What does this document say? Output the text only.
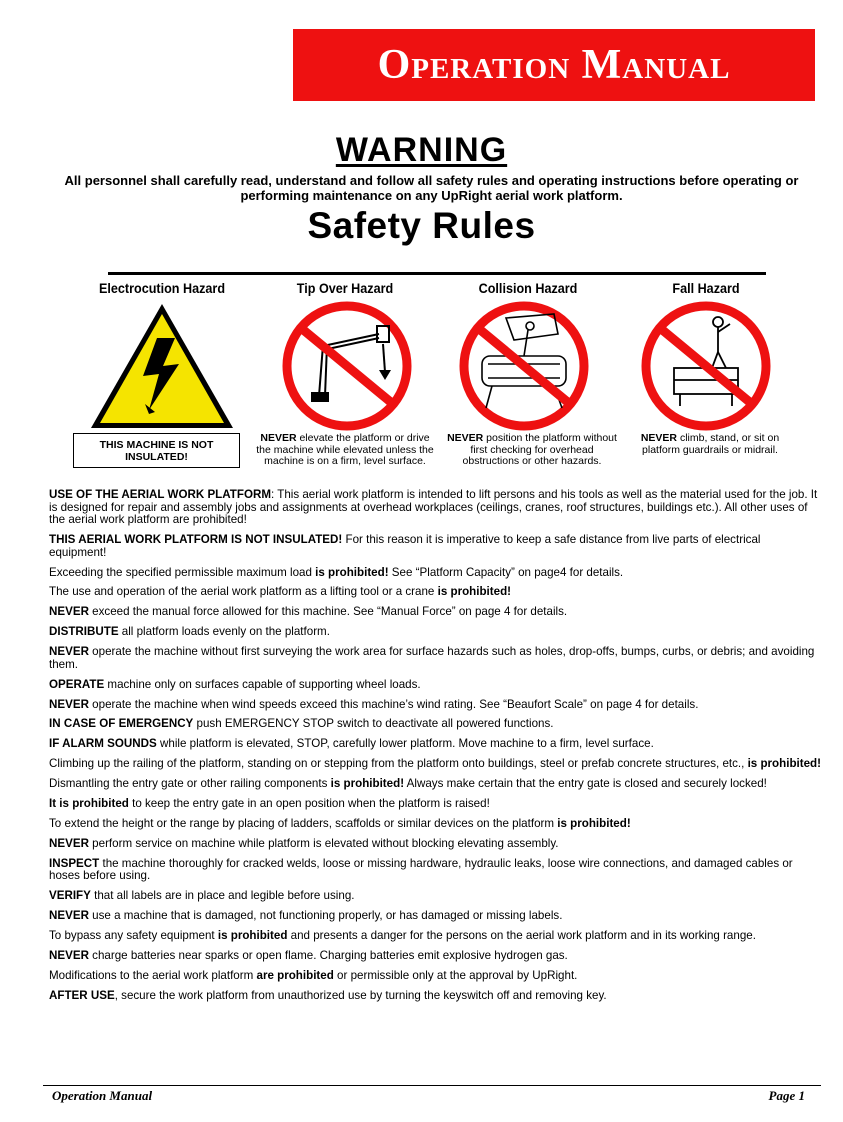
Operation Manual
WARNING
All personnel shall carefully read, understand and follow all safety rules and operating instructions before operating or performing maintenance on any UpRight aerial work platform.
Safety Rules
Electrocution Hazard	Tip Over Hazard	Collision Hazard	Fall Hazard
THIS MACHINE IS NOT INSULATED!
NEVER elevate the platform or drive the machine while elevated unless the machine is on a firm, level surface.
NEVER position the platform without first checking for overhead obstructions or other hazards.
NEVER climb, stand, or sit on platform guardrails or midrail.

USE OF THE AERIAL WORK PLATFORM: This aerial work platform is intended to lift persons and his tools as well as the material used for the job. It is designed for repair and assembly jobs and assignments at overhead workplaces (ceilings, cranes, roof structures, buildings etc.). All other uses of the aerial work platform are prohibited!

THIS AERIAL WORK PLATFORM IS NOT INSULATED! For this reason it is imperative to keep a safe distance from live parts of electrical equipment!

Exceeding the specified permissible maximum load is prohibited! See “Platform Capacity” on page4 for details.

The use and operation of the aerial work platform as a lifting tool or a crane is prohibited!

NEVER exceed the manual force allowed for this machine. See “Manual Force” on page 4 for details.

DISTRIBUTE all platform loads evenly on the platform.

NEVER operate the machine without first surveying the work area for surface hazards such as holes, drop-offs, bumps, curbs, or debris; and avoiding them.

OPERATE machine only on surfaces capable of supporting wheel loads.

NEVER operate the machine when wind speeds exceed this machine’s wind rating. See “Beaufort Scale” on page 4 for details.

IN CASE OF EMERGENCY push EMERGENCY STOP switch to deactivate all powered functions.

IF ALARM SOUNDS while platform is elevated, STOP, carefully lower platform. Move machine to a firm, level surface.

Climbing up the railing of the platform, standing on or stepping from the platform onto buildings, steel or prefab concrete structures, etc., is prohibited!

Dismantling the entry gate or other railing components is prohibited! Always make certain that the entry gate is closed and securely locked!

It is prohibited to keep the entry gate in an open position when the platform is raised!

To extend the height or the range by placing of ladders, scaffolds or similar devices on the platform is prohibited!

NEVER perform service on machine while platform is elevated without blocking elevating assembly.

INSPECT the machine thoroughly for cracked welds, loose or missing hardware, hydraulic leaks, loose wire connections, and damaged cables or hoses before using.

VERIFY that all labels are in place and legible before using.

NEVER use a machine that is damaged, not functioning properly, or has damaged or missing labels.

To bypass any safety equipment is prohibited and presents a danger for the persons on the aerial work platform and in its working range.

NEVER charge batteries near sparks or open flame. Charging batteries emit explosive hydrogen gas.

Modifications to the aerial work platform are prohibited or permissible only at the approval by UpRight.

AFTER USE, secure the work platform from unauthorized use by turning the keyswitch off and removing key.

Operation Manual	Page 1
